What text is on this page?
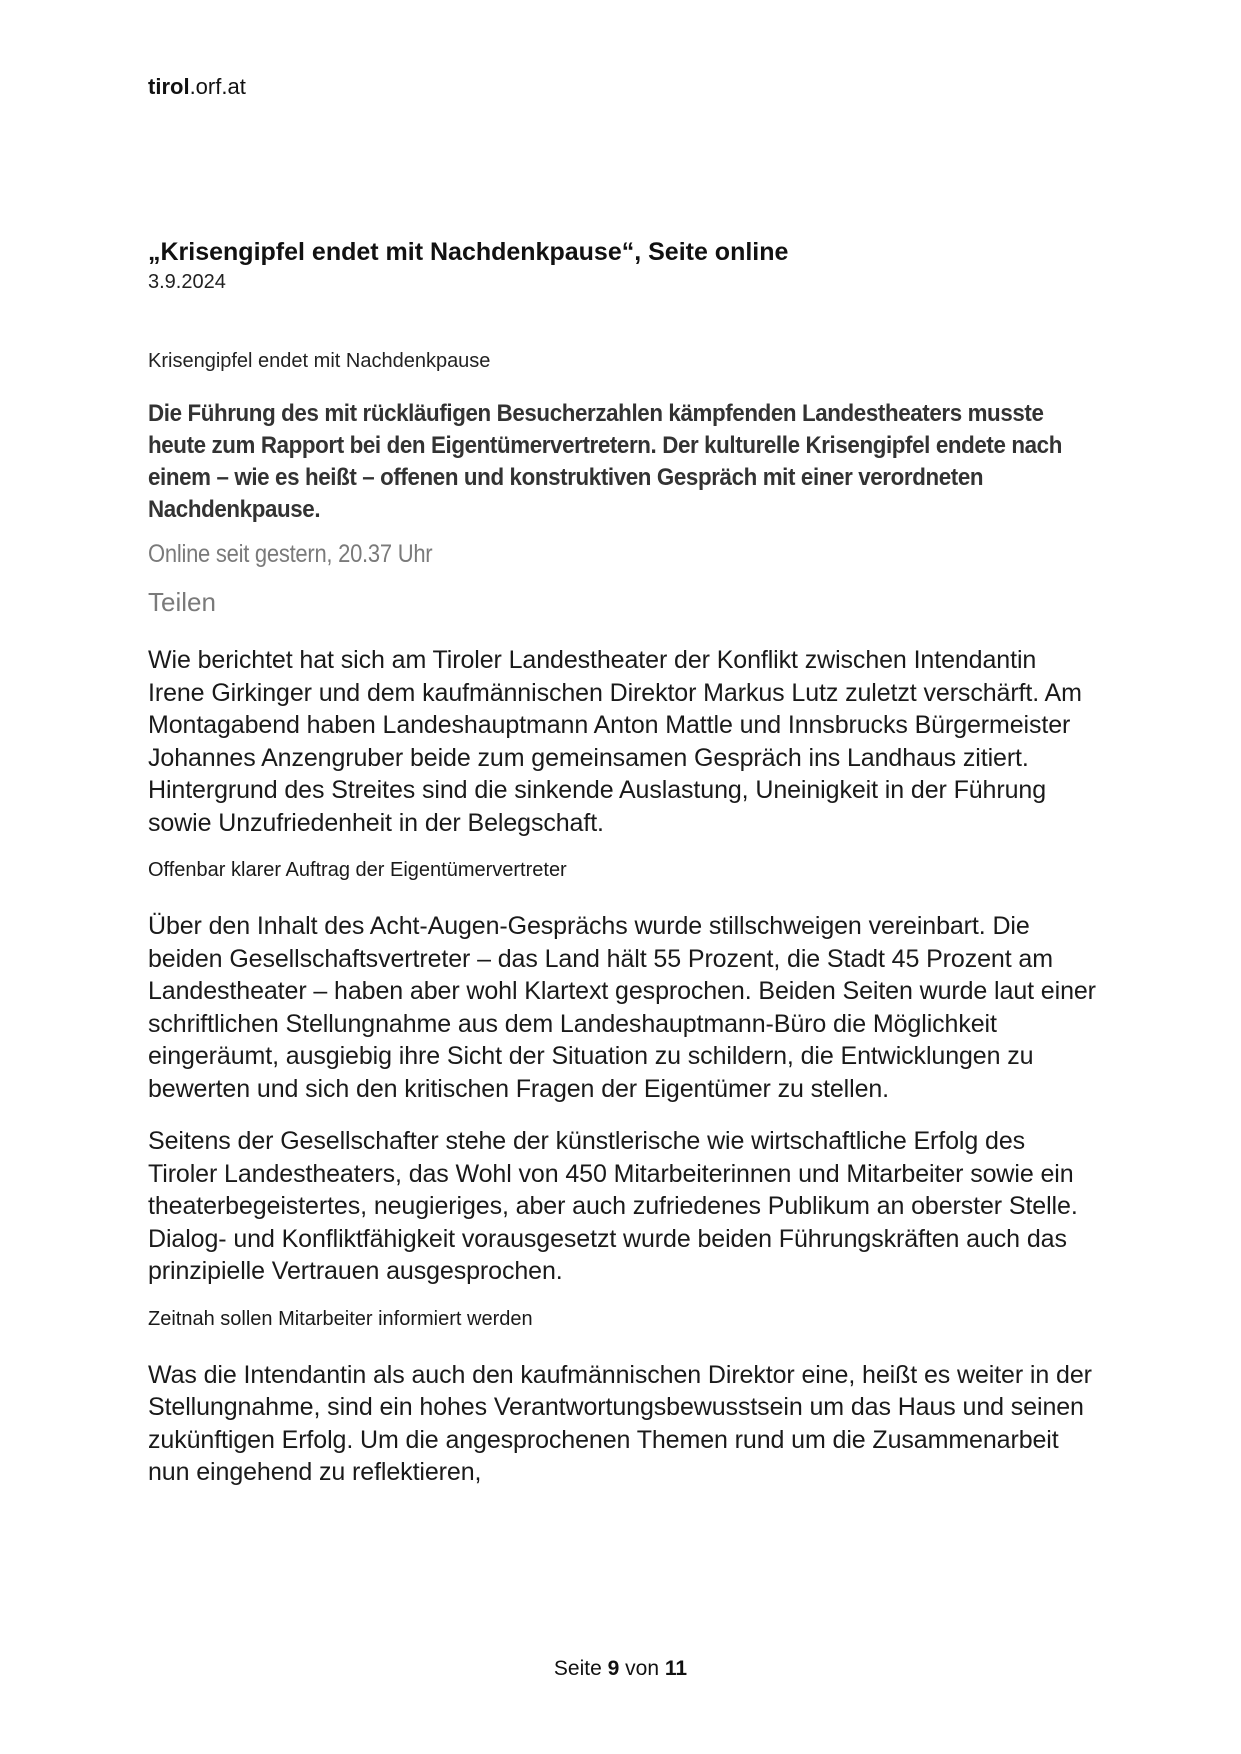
tirol.orf.at
„Krisengipfel endet mit Nachdenkpause“, Seite online
3.9.2024

Krisengipfel endet mit Nachdenkpause

Die Führung des mit rückläufigen Besucherzahlen kämpfenden Landestheaters musste heute zum Rapport bei den Eigentümervertretern. Der kulturelle Krisengipfel endete nach einem – wie es heißt – offenen und konstruktiven Gespräch mit einer verordneten Nachdenkpause.

Online seit gestern, 20.37 Uhr

Teilen

Wie berichtet hat sich am Tiroler Landestheater der Konflikt zwischen Intendantin Irene Girkinger und dem kaufmännischen Direktor Markus Lutz zuletzt verschärft. Am Montagabend haben Landeshauptmann Anton Mattle und Innsbrucks Bürgermeister Johannes Anzengruber beide zum gemeinsamen Gespräch ins Landhaus zitiert. Hintergrund des Streites sind die sinkende Auslastung, Uneinigkeit in der Führung sowie Unzufriedenheit in der Belegschaft.

Offenbar klarer Auftrag der Eigentümervertreter

Über den Inhalt des Acht-Augen-Gesprächs wurde stillschweigen vereinbart. Die beiden Gesellschaftsvertreter – das Land hält 55 Prozent, die Stadt 45 Prozent am Landestheater – haben aber wohl Klartext gesprochen. Beiden Seiten wurde laut einer schriftlichen Stellungnahme aus dem Landeshauptmann-Büro die Möglichkeit eingeräumt, ausgiebig ihre Sicht der Situation zu schildern, die Entwicklungen zu bewerten und sich den kritischen Fragen der Eigentümer zu stellen.

Seitens der Gesellschafter stehe der künstlerische wie wirtschaftliche Erfolg des Tiroler Landestheaters, das Wohl von 450 Mitarbeiterinnen und Mitarbeiter sowie ein theaterbegeistertes, neugieriges, aber auch zufriedenes Publikum an oberster Stelle. Dialog- und Konfliktfähigkeit vorausgesetzt wurde beiden Führungskräften auch das prinzipielle Vertrauen ausgesprochen.

Zeitnah sollen Mitarbeiter informiert werden

Was die Intendantin als auch den kaufmännischen Direktor eine, heißt es weiter in der Stellungnahme, sind ein hohes Verantwortungsbewusstsein um das Haus und seinen zukünftigen Erfolg. Um die angesprochenen Themen rund um die Zusammenarbeit nun eingehend zu reflektieren,

Seite 9 von 11
